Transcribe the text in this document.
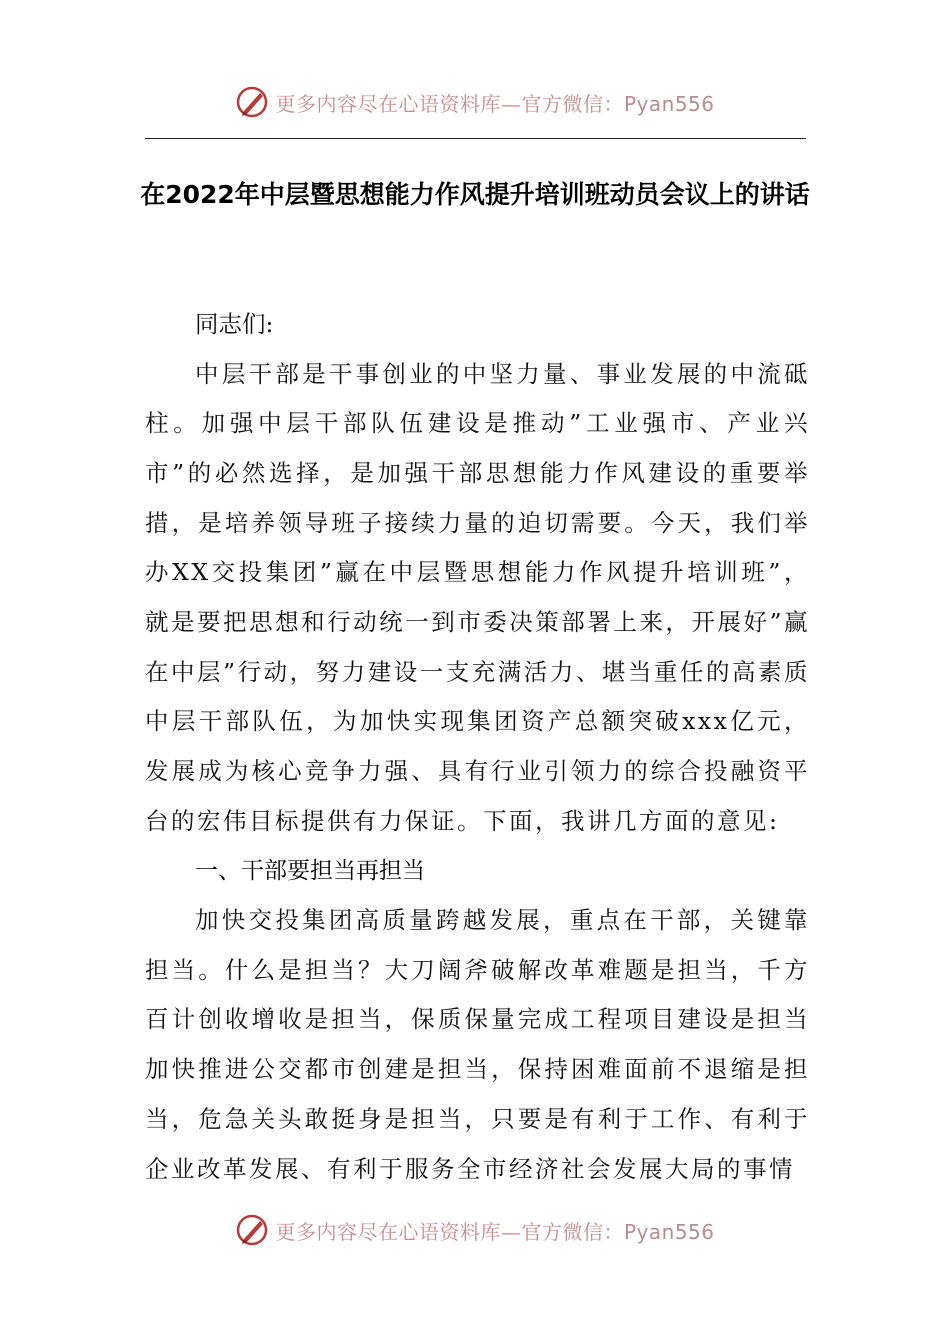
更多内容尽在心语资料库—官方微信：Pyan556
在2022年中层暨思想能力作风提升培训班动员会议上的讲话

同志们:

中层干部是干事创业的中坚力量、事业发展的中流砥柱。加强中层干部队伍建设是推动”工业强市、产业兴市”的必然选择，是加强干部思想能力作风建设的重要举措，是培养领导班子接续力量的迫切需要。今天，我们举办XX交投集团”赢在中层暨思想能力作风提升培训班”，就是要把思想和行动统一到市委决策部署上来，开展好”赢在中层”行动，努力建设一支充满活力、堪当重任的高素质中层干部队伍，为加快实现集团资产总额突破xxx亿元，发展成为核心竞争力强、具有行业引领力的综合投融资平台的宏伟目标提供有力保证。下面，我讲几方面的意见:

一、干部要担当再担当

加快交投集团高质量跨越发展，重点在干部，关键靠担当。什么是担当？大刀阔斧破解改革难题是担当，千方百计创收增收是担当，保质保量完成工程项目建设是担当加快推进公交都市创建是担当，保持困难面前不退缩是担当，危急关头敢挺身是担当，只要是有利于工作、有利于企业改革发展、有利于服务全市经济社会发展大局的事情

更多内容尽在心语资料库—官方微信：Pyan556
